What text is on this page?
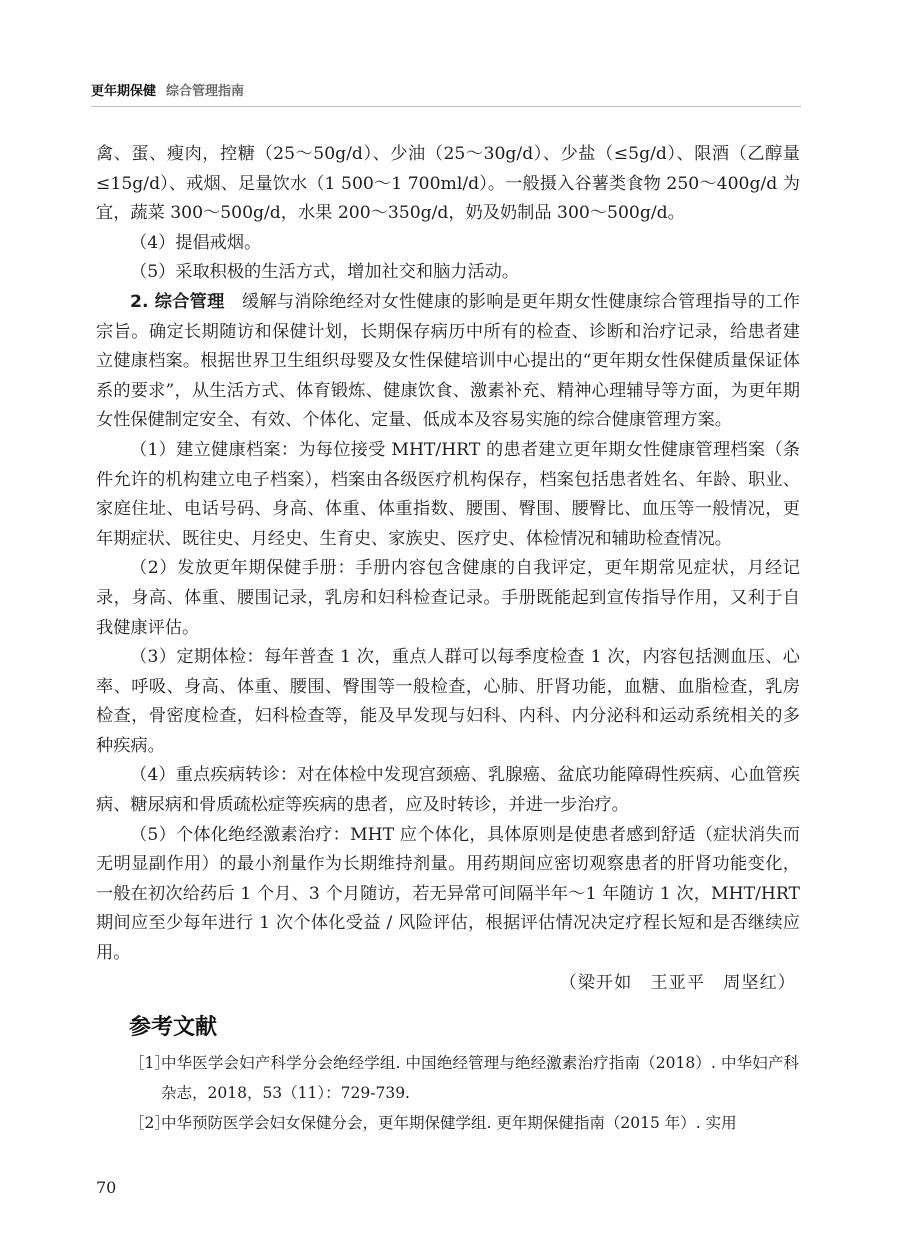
更年期保健 综合管理指南

禽、蛋、瘦肉，控糖（25～50g/d）、少油（25～30g/d）、少盐（≤5g/d）、限酒（乙醇量≤15g/d）、戒烟、足量饮水（1 500～1 700ml/d）。一般摄入谷薯类食物 250～400g/d 为宜，蔬菜 300～500g/d，水果 200～350g/d，奶及奶制品 300～500g/d。

（4）提倡戒烟。

（5）采取积极的生活方式，增加社交和脑力活动。

2. 综合管理　 缓解与消除绝经对女性健康的影响是更年期女性健康综合管理指导的工作宗旨。确定长期随访和保健计划，长期保存病历中所有的检查、诊断和治疗记录，给患者建立健康档案。根据世界卫生组织母婴及女性保健培训中心提出的“更年期女性保健质量保证体系的要求”，从生活方式、体育锻炼、健康饮食、激素补充、精神心理辅导等方面，为更年期女性保健制定安全、有效、个体化、定量、低成本及容易实施的综合健康管理方案。

（1）建立健康档案：为每位接受 MHT/HRT 的患者建立更年期女性健康管理档案（条件允许的机构建立电子档案），档案由各级医疗机构保存，档案包括患者姓名、年龄、职业、家庭住址、电话号码、身高、体重、体重指数、腰围、臀围、腰臀比、血压等一般情况，更年期症状、既往史、月经史、生育史、家族史、医疗史、体检情况和辅助检查情况。

（2）发放更年期保健手册：手册内容包含健康的自我评定，更年期常见症状，月经记录，身高、体重、腰围记录，乳房和妇科检查记录。手册既能起到宣传指导作用，又利于自我健康评估。

（3）定期体检：每年普查 1 次，重点人群可以每季度检查 1 次，内容包括测血压、心率、呼吸、身高、体重、腰围、臀围等一般检查，心肺、肝肾功能，血糖、血脂检查，乳房检查，骨密度检查，妇科检查等，能及早发现与妇科、内科、内分泌科和运动系统相关的多种疾病。

（4）重点疾病转诊：对在体检中发现宫颈癌、乳腺癌、盆底功能障碍性疾病、心血管疾病、糖尿病和骨质疏松症等疾病的患者，应及时转诊，并进一步治疗。

（5）个体化绝经激素治疗：MHT 应个体化，具体原则是使患者感到舒适（症状消失而无明显副作用）的最小剂量作为长期维持剂量。用药期间应密切观察患者的肝肾功能变化，一般在初次给药后 1 个月、3 个月随访，若无异常可间隔半年～1 年随访 1 次，MHT/HRT 期间应至少每年进行 1 次个体化受益 / 风险评估，根据评估情况决定疗程长短和是否继续应用。

（梁开如　王亚平　周坚红）

参考文献
［1］
中华医学会妇产科学分会绝经学组. 中国绝经管理与绝经激素治疗指南（2018）. 中华妇产科杂志，2018，53（11）：729-739.
［2］
中华预防医学会妇女保健分会，更年期保健学组. 更年期保健指南（2015 年）. 实用
70
